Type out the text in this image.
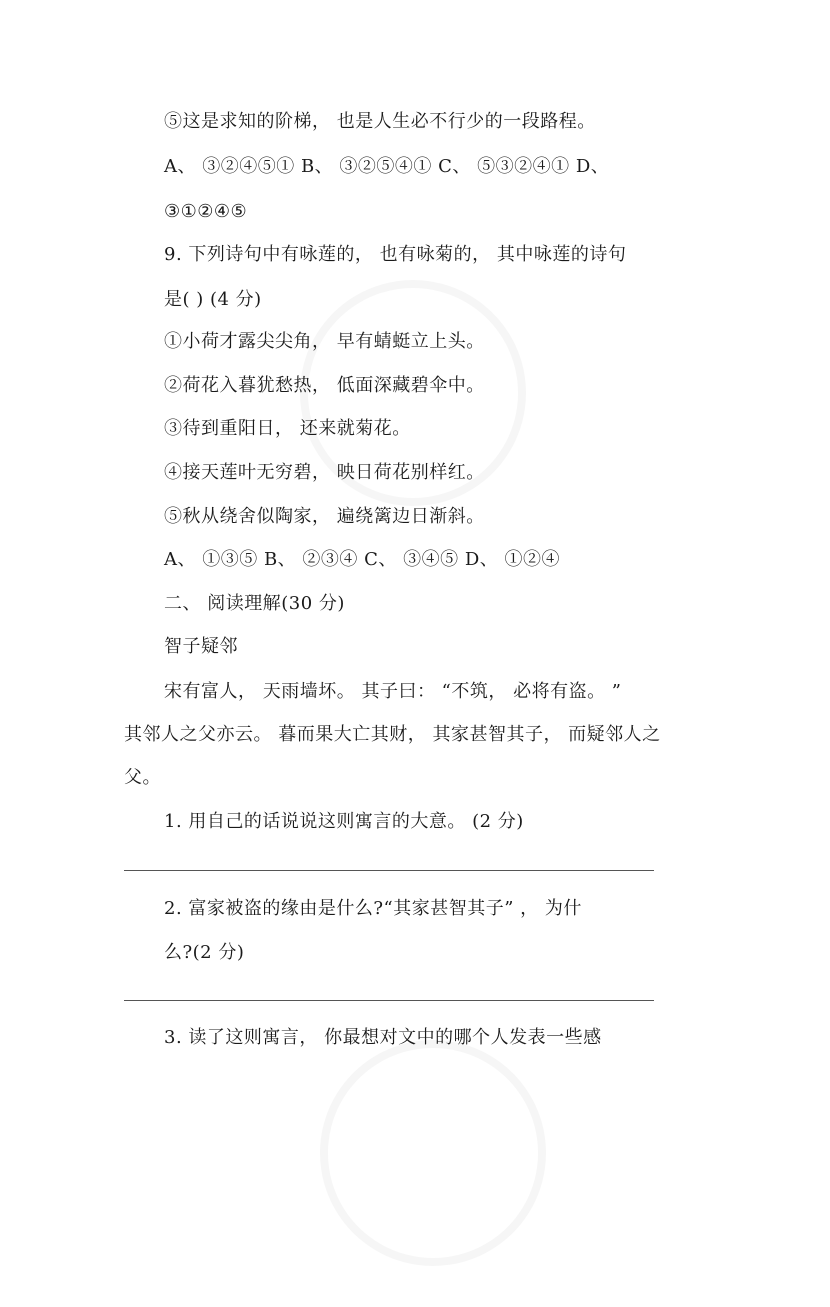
⑤这是求知的阶梯， 也是人生必不行少的一段路程。
A、 ③②④⑤① B、 ③②⑤④① C、 ⑤③②④① D、
③①②④⑤
9. 下列诗句中有咏莲的， 也有咏菊的， 其中咏莲的诗句
是( ) (4 分)
①小荷才露尖尖角， 早有蜻蜓立上头。
②荷花入暮犹愁热， 低面深藏碧伞中。
③待到重阳日， 还来就菊花。
④接天莲叶无穷碧， 映日荷花别样红。
⑤秋从绕舍似陶家， 遍绕篱边日渐斜。
A、 ①③⑤ B、 ②③④ C、 ③④⑤ D、 ①②④
二、 阅读理解(30 分)
智子疑邻
宋有富人， 天雨墙坏。 其子曰： “不筑， 必将有盗。 ”
其邻人之父亦云。 暮而果大亡其财， 其家甚智其子， 而疑邻人之
父。
1. 用自己的话说说这则寓言的大意。 (2 分)
2. 富家被盗的缘由是什么?“其家甚智其子” ， 为什
么?(2 分)
3. 读了这则寓言， 你最想对文中的哪个人发表一些感
